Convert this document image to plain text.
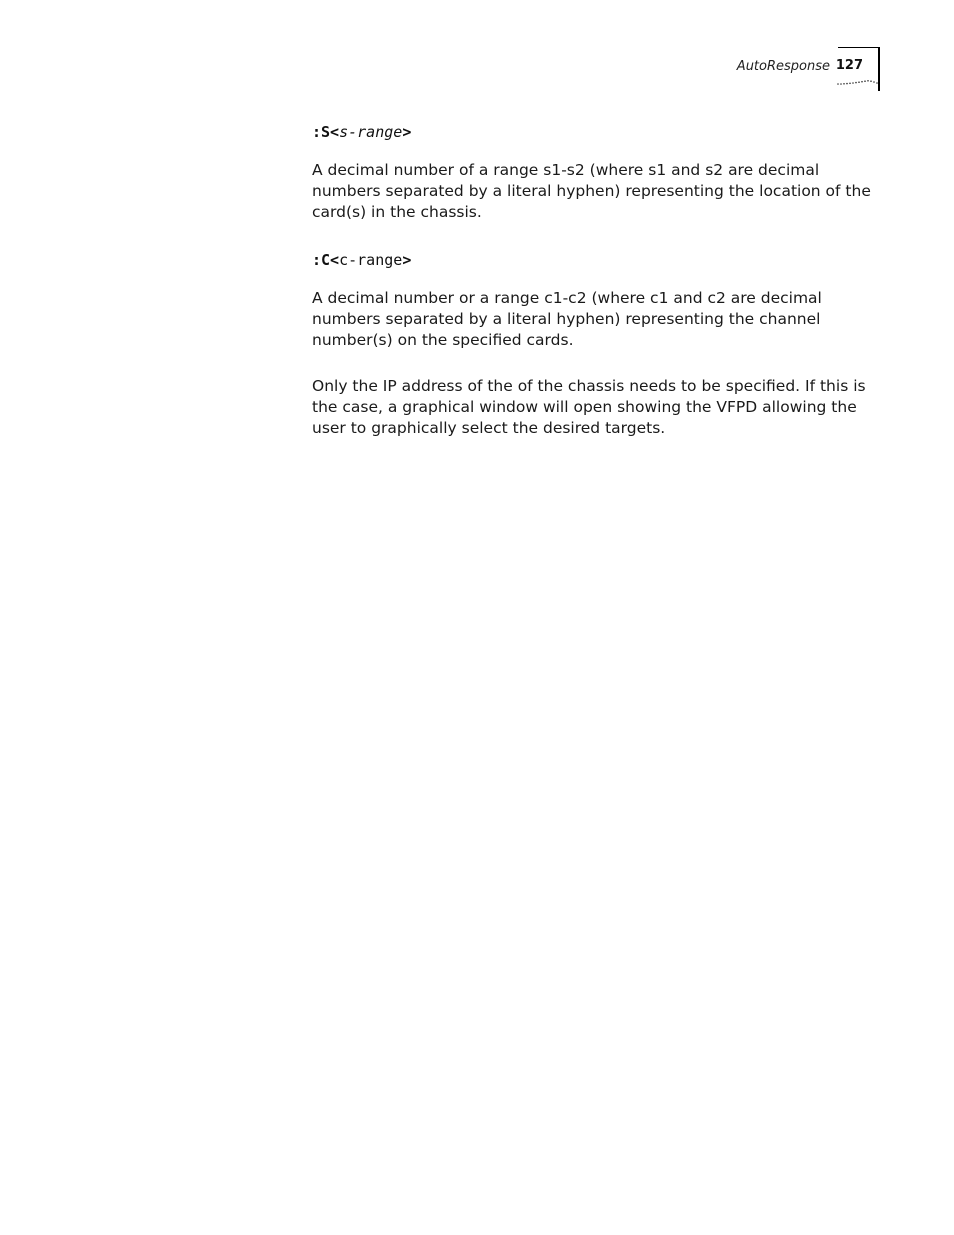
AutoResponse 127

:S<s-range>

A decimal number of a range s1-s2 (where s1 and s2 are decimal numbers separated by a literal hyphen) representing the location of the card(s) in the chassis.

:C<c-range>

A decimal number or a range c1-c2 (where c1 and c2 are decimal numbers separated by a literal hyphen) representing the channel number(s) on the specified cards.

Only the IP address of the of the chassis needs to be specified. If this is the case, a graphical window will open showing the VFPD allowing the user to graphically select the desired targets.
